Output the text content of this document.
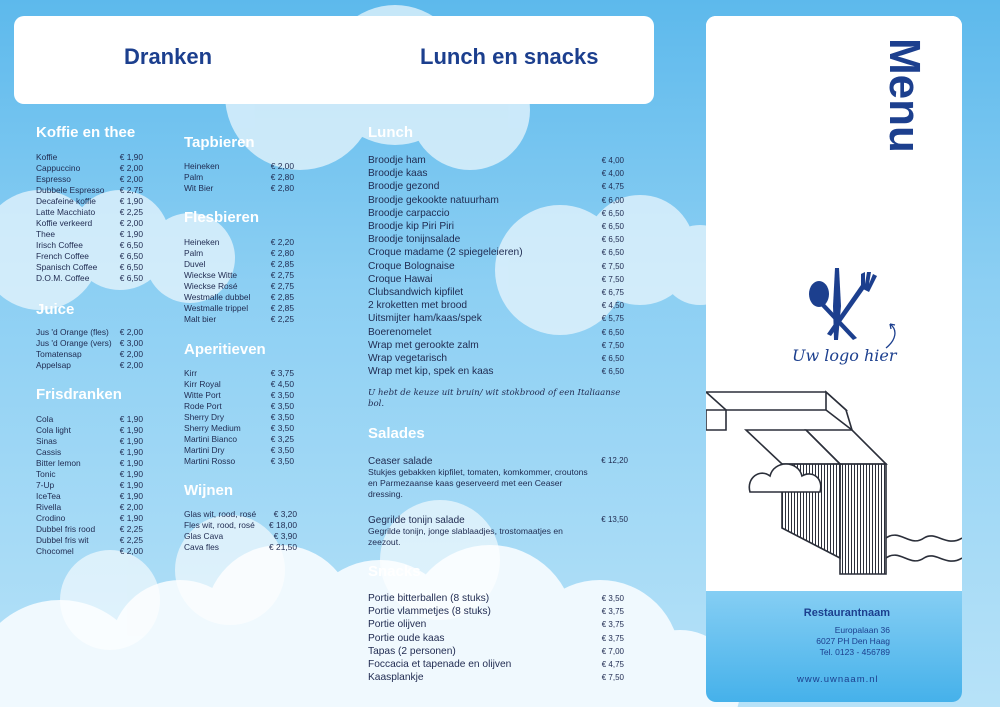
Dranken	Lunch en snacks
Koffie en thee
Koffie	€ 1,90
Cappuccino	€ 2,00
Espresso	€ 2,00
Dubbele Espresso € 2,75
Decafeine koffie	€ 1,90
Latte Macchiato	€ 2,25
Koffie verkeerd	€ 2,00
Thee	€ 1,90
Irisch Coffee	€ 6,50
French Coffee	€ 6,50
Spanisch Coffee	€ 6,50
D.O.M. Coffee	€ 6,50
Juice
Jus 'd Orange (fles) € 2,00
Jus 'd Orange (vers) € 3,00
Tomatensap	€ 2,00
Appelsap	€ 2,00
Frisdranken
Cola	€ 1,90
Cola light	€ 1,90
Sinas	€ 1,90
Cassis	€ 1,90
Bitter lemon	€ 1,90
Tonic	€ 1,90
7-Up	€ 1,90
IceTea	€ 1,90
Rivella	€ 2,00
Crodino	€ 1,90
Dubbel fris rood	€ 2,25
Dubbel fris wit	€ 2,25
Chocomel	€ 2,00
Tapbieren
Heineken	€ 2,00
Palm	€ 2,80
Wit Bier	€ 2,80
Flesbieren
Heineken	€ 2,20
Palm	€ 2,80
Duvel	€ 2,85
Wieckse Witte	€ 2,75
Wieckse Rosé	€ 2,75
Westmalle dubbel € 2,85
Westmalle trippel	€ 2,85
Malt bier	€ 2,25
Aperitieven
Kirr	€ 3,75
Kirr Royal	€ 4,50
Witte Port	€ 3,50
Rode Port	€ 3,50
Sherry Dry	€ 3,50
Sherry Medium	€ 3,50
Martini Bianco	€ 3,25
Martini Dry	€ 3,50
Martini Rosso	€ 3,50
Wijnen
Glas wit, rood, rosé € 3,20
Fles wit, rood, rosé € 18,00
Glas Cava	€ 3,90
Cava fles	€ 21,50
Lunch
Broodje ham	€ 4,00
Broodje kaas	€ 4,00
Broodje gezond	€ 4,75
Broodje gekookte natuurham	€ 6,00
Broodje carpaccio	€ 6,50
Broodje kip Piri Piri	€ 6,50
Broodje tonijnsalade	€ 6,50
Croque madame (2 spiegeleieren)	€ 6,50
Croque Bolognaise	€ 7,50
Croque Hawai	€ 7,50
Clubsandwich kipfilet	€ 6,75
2 kroketten met brood	€ 4,50
Uitsmijter ham/kaas/spek	€ 5,75
Boerenomelet	€ 6,50
Wrap met gerookte zalm	€ 7,50
Wrap vegetarisch	€ 6,50
Wrap met kip, spek en kaas	€ 6,50
U hebt de keuze uit bruin/ wit stokbrood of een Italiaanse bol.
Salades
Ceaser salade
Stukjes gebakken kipfilet, tomaten, komkommer, croutons en Parmezaanse kaas geserveerd met een Ceaser dressing.
€ 12,20
Gegrilde tonijn salade
Gegrilde tonijn, jonge slablaadjes, trostomaatjes en zeezout.
€ 13,50
Snacks
Portie bitterballen (8 stuks)	€ 3,50
Portie vlammetjes (8 stuks)	€ 3,75
Portie olijven	€ 3,75
Portie oude kaas	€ 3,75
Tapas (2 personen)	€ 7,00
Foccacia et tapenade en olijven	€ 4,75
Kaasplankje	€ 7,50
Menu
Uw logo hier
Restaurantnaam
Europalaan 36
6027 PH Den Haag
Tel. 0123 - 456789
www.uwnaam.nl
